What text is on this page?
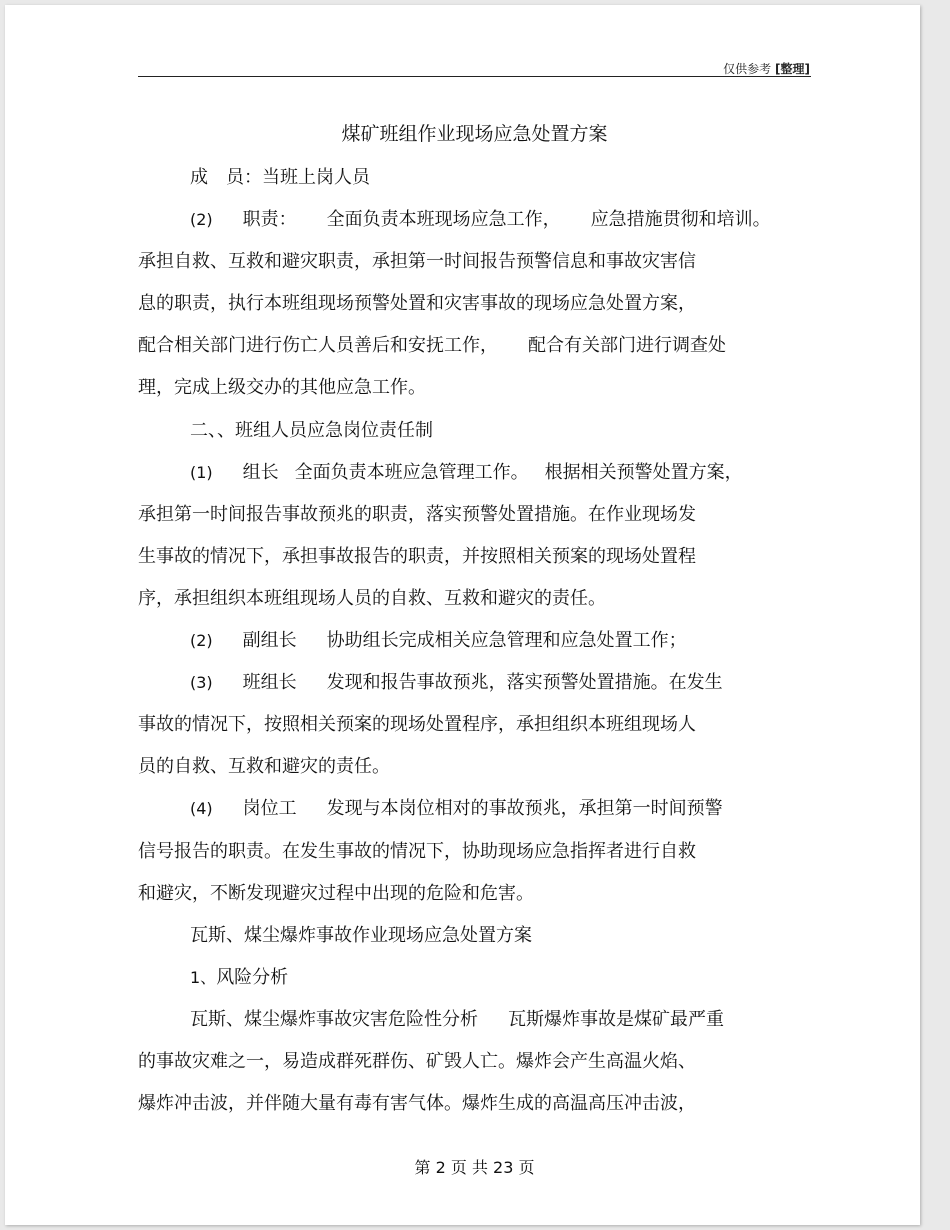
仅供参考 [整理]
煤矿班组作业现场应急处置方案
成　员：当班上岗人员
(2) 职责： 全面负责本班现场应急工作， 应急措施贯彻和培训。
承担自救、互救和避灾职责，承担第一时间报告预警信息和事故灾害信
息的职责，执行本班组现场预警处置和灾害事故的现场应急处置方案，
配合相关部门进行伤亡人员善后和安抚工作， 配合有关部门进行调查处
理，完成上级交办的其他应急工作。
二、、班组人员应急岗位责任制
(1) 组长 全面负责本班应急管理工作。 根据相关预警处置方案，
承担第一时间报告事故预兆的职责，落实预警处置措施。在作业现场发
生事故的情况下，承担事故报告的职责，并按照相关预案的现场处置程
序，承担组织本班组现场人员的自救、互救和避灾的责任。
(2) 副组长 协助组长完成相关应急管理和应急处置工作；
(3) 班组长 发现和报告事故预兆，落实预警处置措施。在发生
事故的情况下，按照相关预案的现场处置程序，承担组织本班组现场人
员的自救、互救和避灾的责任。
(4) 岗位工 发现与本岗位相对的事故预兆，承担第一时间预警
信号报告的职责。在发生事故的情况下，协助现场应急指挥者进行自救
和避灾，不断发现避灾过程中出现的危险和危害。
瓦斯、煤尘爆炸事故作业现场应急处置方案
1、风险分析
瓦斯、煤尘爆炸事故灾害危险性分析 瓦斯爆炸事故是煤矿最严重
的事故灾难之一，易造成群死群伤、矿毁人亡。爆炸会产生高温火焰、
爆炸冲击波，并伴随大量有毒有害气体。爆炸生成的高温高压冲击波，
第 2 页 共 23 页
